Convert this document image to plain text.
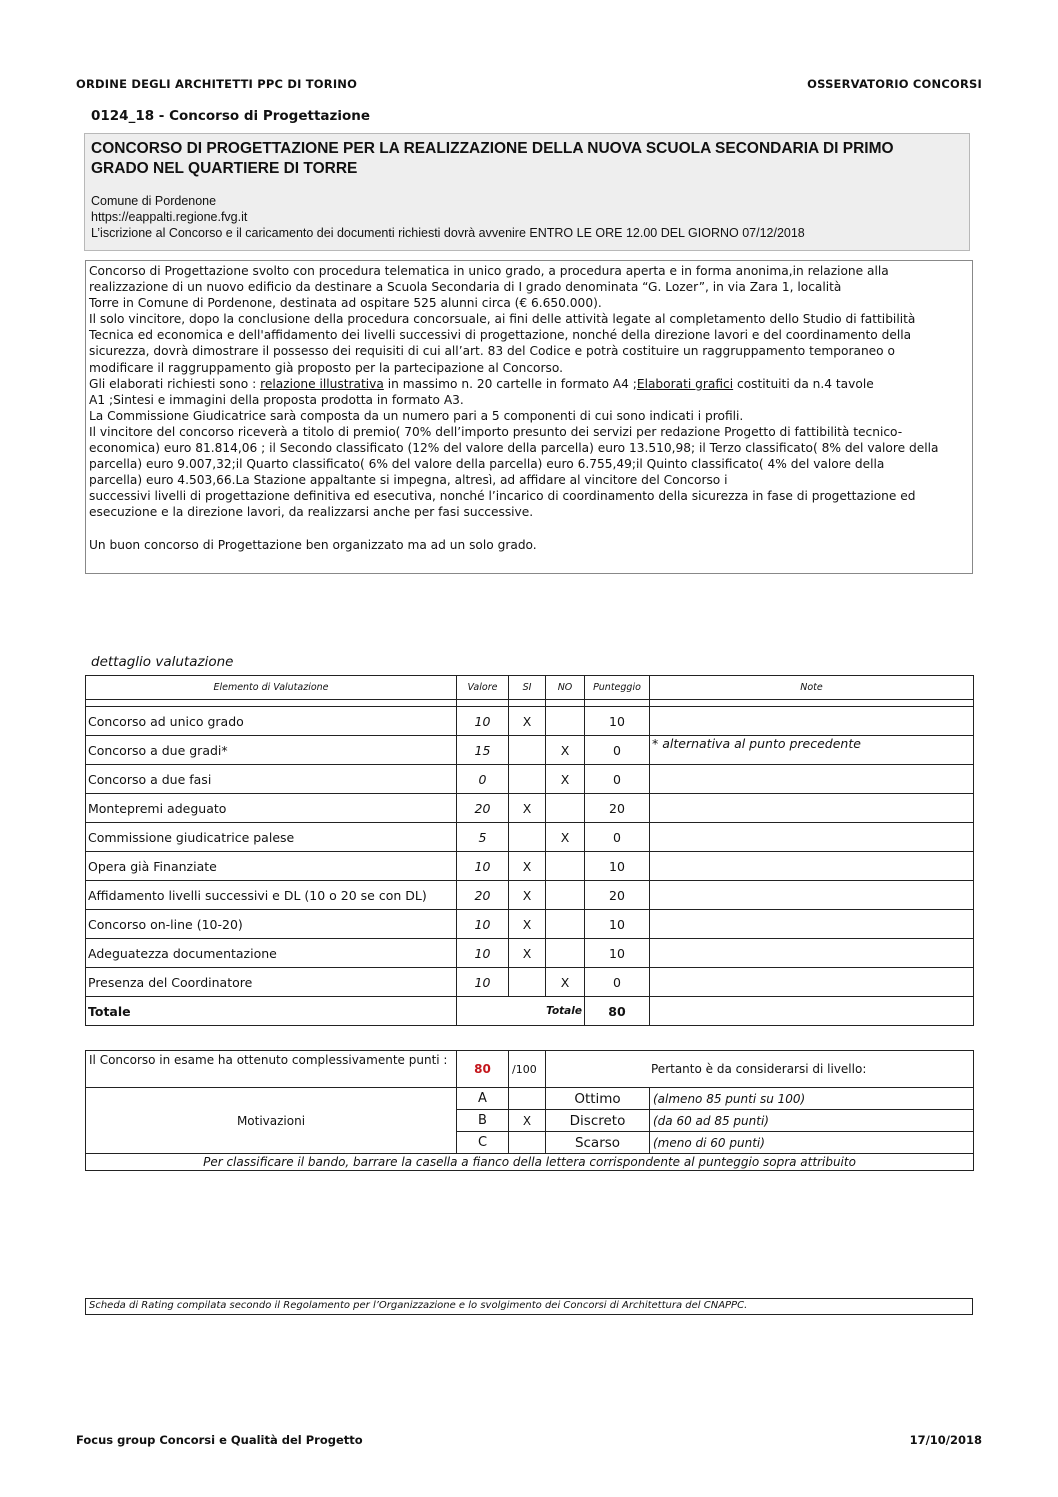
ORDINE DEGLI ARCHITETTI PPC DI TORINO	OSSERVATORIO CONCORSI
0124_18 - Concorso di Progettazione
CONCORSO DI PROGETTAZIONE PER LA REALIZZAZIONE DELLA NUOVA SCUOLA SECONDARIA DI PRIMO
GRADO NEL QUARTIERE DI TORRE
Comune di Pordenone
https://eappalti.regione.fvg.it
L’iscrizione al Concorso e il caricamento dei documenti richiesti dovrà avvenire ENTRO LE ORE 12.00 DEL GIORNO 07/12/2018

Concorso di Progettazione svolto con procedura telematica in unico grado, a procedura aperta e in forma anonima,in relazione alla

realizzazione di un nuovo edificio da destinare a Scuola Secondaria di I grado denominata “G. Lozer”, in via Zara 1, località

Torre in Comune di Pordenone, destinata ad ospitare 525 alunni circa (€ 6.650.000).

Il solo vincitore, dopo la conclusione della procedura concorsuale, ai fini delle attività legate al completamento dello Studio di fattibilità

Tecnica ed economica e dell'affidamento dei livelli successivi di progettazione, nonché della direzione lavori e del coordinamento della

sicurezza, dovrà dimostrare il possesso dei requisiti di cui all’art. 83 del Codice e potrà costituire un raggruppamento temporaneo o

modificare il raggruppamento già proposto per la partecipazione al Concorso.

Gli elaborati richiesti sono : relazione illustrativa in massimo n. 20 cartelle in formato A4 ;Elaborati grafici costituiti da n.4 tavole

A1 ;Sintesi e immagini della proposta prodotta in formato A3.

La Commissione Giudicatrice sarà composta da un numero pari a 5 componenti di cui sono indicati i profili.

Il vincitore del concorso riceverà a titolo di premio( 70% dell’importo presunto dei servizi per redazione Progetto di fattibilità tecnico-

economica) euro 81.814,06 ; il Secondo classificato (12% del valore della parcella) euro 13.510,98; il Terzo classificato( 8% del valore della

parcella) euro 9.007,32;il Quarto classificato( 6% del valore della parcella) euro 6.755,49;il Quinto classificato( 4% del valore della

parcella) euro 4.503,66.La Stazione appaltante si impegna, altresì, ad affidare al vincitore del Concorso i

successivi livelli di progettazione definitiva ed esecutiva, nonché l’incarico di coordinamento della sicurezza in fase di progettazione ed

esecuzione e la direzione lavori, da realizzarsi anche per fasi successive.

Un buon concorso di Progettazione ben organizzato ma ad un solo grado.

dettaglio valutazione
Elemento di Valutazione	Valore	SI	NO	Punteggio	Note

Concorso ad unico grado	10	X		10	
Concorso a due gradi*	15		X	0	* alternativa al punto precedente
Concorso a due fasi	0		X	0	
Montepremi adeguato	20	X		20	
Commissione giudicatrice palese	5		X	0	
Opera già Finanziate	10	X		10	
Affidamento livelli successivi e DL (10 o 20 se con DL)	20	X		20	
Concorso on-line (10-20)	10	X		10	
Adeguatezza documentazione	10	X		10	
Presenza del Coordinatore	10		X	0	
Totale	Totale			80	
Il Concorso in esame ha ottenuto complessivamente punti :	80	/100	Pertanto è da considerarsi di livello:	
Motivazioni	A		Ottimo	(almeno 85 punti su 100)
	B	X	Discreto	(da 60 ad 85 punti)
	C		Scarso	(meno di 60 punti)
Per classificare il bando, barrare la casella a fianco della lettera corrispondente al punteggio sopra attribuito				
Scheda di Rating compilata secondo il Regolamento per l’Organizzazione e lo svolgimento dei Concorsi di Architettura del CNAPPC.
Focus group Concorsi e Qualità del Progetto	17/10/2018
